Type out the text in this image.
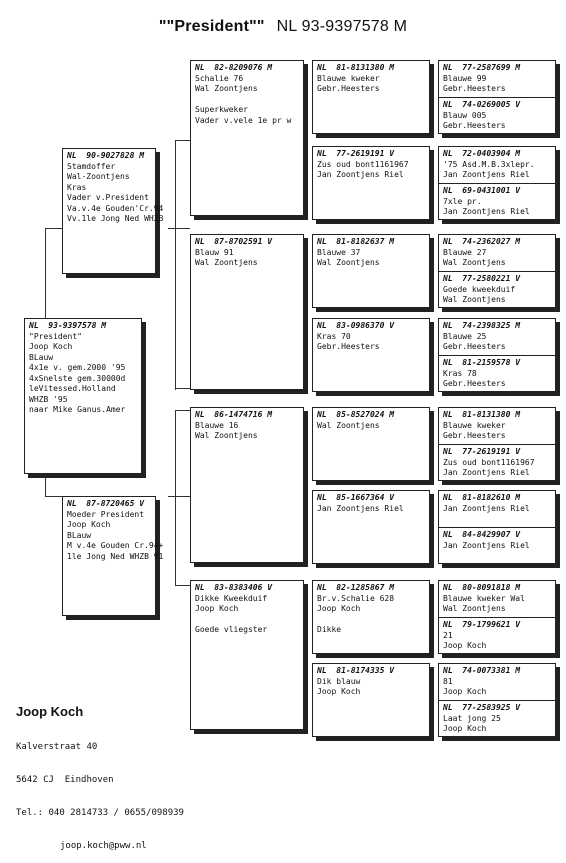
""President"" NL 93-9397578 M
NL  93-9397578 M
"President"
Joop Koch
BLauw
4x1e v. gem.2000 '95
4xSnelste gem.30000d
leVitessed.Holland
WHZB '95
naar Mike Ganus.Amer
NL  90-9027828 M
Stamdoffer
Wal-Zoontjens
Kras
Vader v.President
Va.v.4e Gouden'Cr.94
Vv.1le Jong Ned WHZB
NL  87-8720465 V
Moeder President
Joop Koch
BLauw
M v.4e Gouden Cr.94+
1le Jong Ned WHZB 91
NL  82-8209076 M
Schalie 76
Wal Zoontjens
Superkweker
Vader v.vele 1e pr w
NL  87-8702591 V
Blauw 91
Wal Zoontjens
NL  86-1474716 M
Blauwe 16
Wal Zoontjens
NL  83-8383406 V
Dikke Kweekduif
Joop Koch
Goede vliegster
NL  81-8131380 M
Blauwe kweker
Gebr.Heesters
NL  77-2619191 V
Zus oud bont1161967
Jan Zoontjens Riel
NL  81-8182637 M
Blauwe 37
Wal Zoontjens
NL  83-0986370 V
Kras 70
Gebr.Heesters
NL  85-8527024 M
Wal Zoontjens
NL  85-1667364 V
Jan Zoontjens Riel
NL  82-1285867 M
Br.v.Schalie 628
Joop Koch
Dikke
NL  81-8174335 V
Dik blauw
Joop Koch
NL  77-2587699 M
Blauwe 99
Gebr.Heesters
NL  74-0269005 V
Blauw 005
Gebr.Heesters
NL  72-0403904 M
'75 Asd.M.B.3xlepr.
Jan Zoontjens Riel
NL  69-0431001 V
7xle pr.
Jan Zoontjens Riel
NL  74-2362027 M
Blauwe 27
Wal Zoontjens
NL  77-2580221 V
Goede kweekduif
Wal Zoontjens
NL  74-2398325 M
Blauwe 25
Gebr.Heesters
NL  81-2159578 V
Kras 78
Gebr.Heesters
NL  81-8131380 M
Blauwe kweker
Gebr.Heesters
NL  77-2619191 V
Zus oud bont1161967
Jan Zoontjens Riel
NL  81-8182610 M
Jan Zoontjens Riel
NL  84-8429907 V
Jan Zoontjens Riel
NL  80-8091818 M
Blauwe kweker Wal
Wal Zoontjens
NL  79-1799621 V
21
Joop Koch
NL  74-0073381 M
81
Joop Koch
NL  77-2583925 V
Laat jong 25
Joop Koch

Joop Koch

Kalverstraat 40

5642 CJ  Eindhoven

Tel.: 040 2814733 / 0655/098939

joop.koch@pww.nl
